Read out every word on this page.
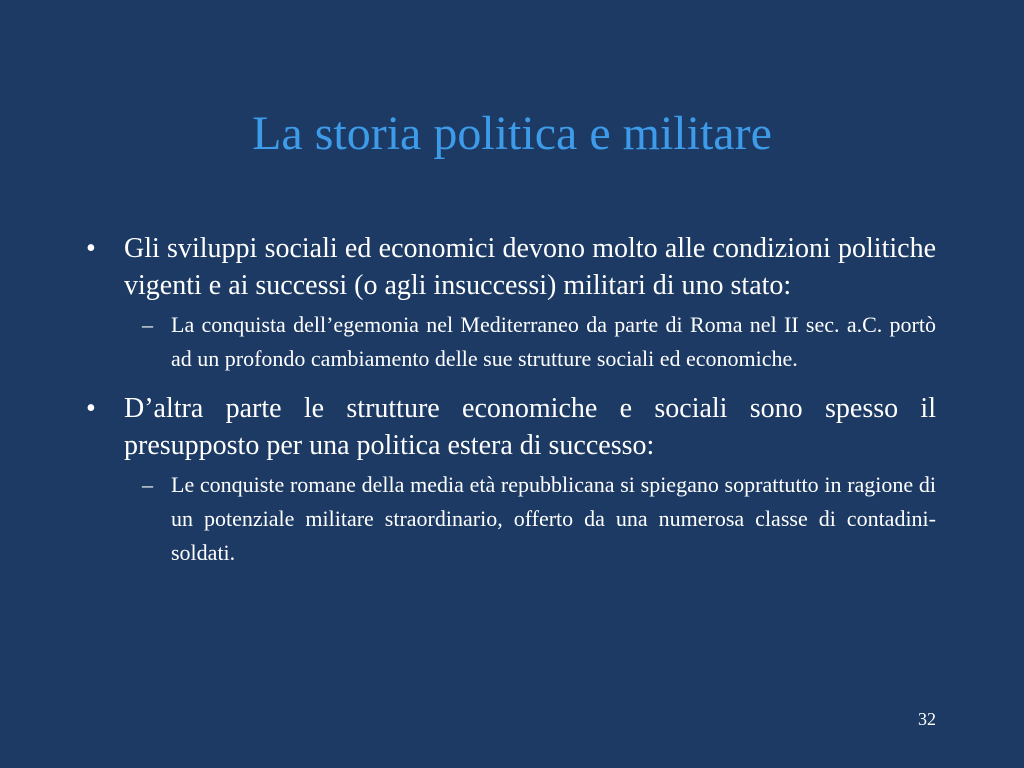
La storia politica e militare

• Gli sviluppi sociali ed economici devono molto alle condizioni politiche vigenti e ai successi (o agli insuccessi) militari di uno stato:

– La conquista dell’egemonia nel Mediterraneo da parte di Roma nel II sec. a.C. portò ad un profondo cambiamento delle sue strutture sociali ed economiche.

• D’altra parte le strutture economiche e sociali sono spesso il presupposto per una politica estera di successo:

– Le conquiste romane della media età repubblicana si spiegano soprattutto in ragione di un potenziale militare straordinario, offerto da una numerosa classe di contadini-soldati.

32
